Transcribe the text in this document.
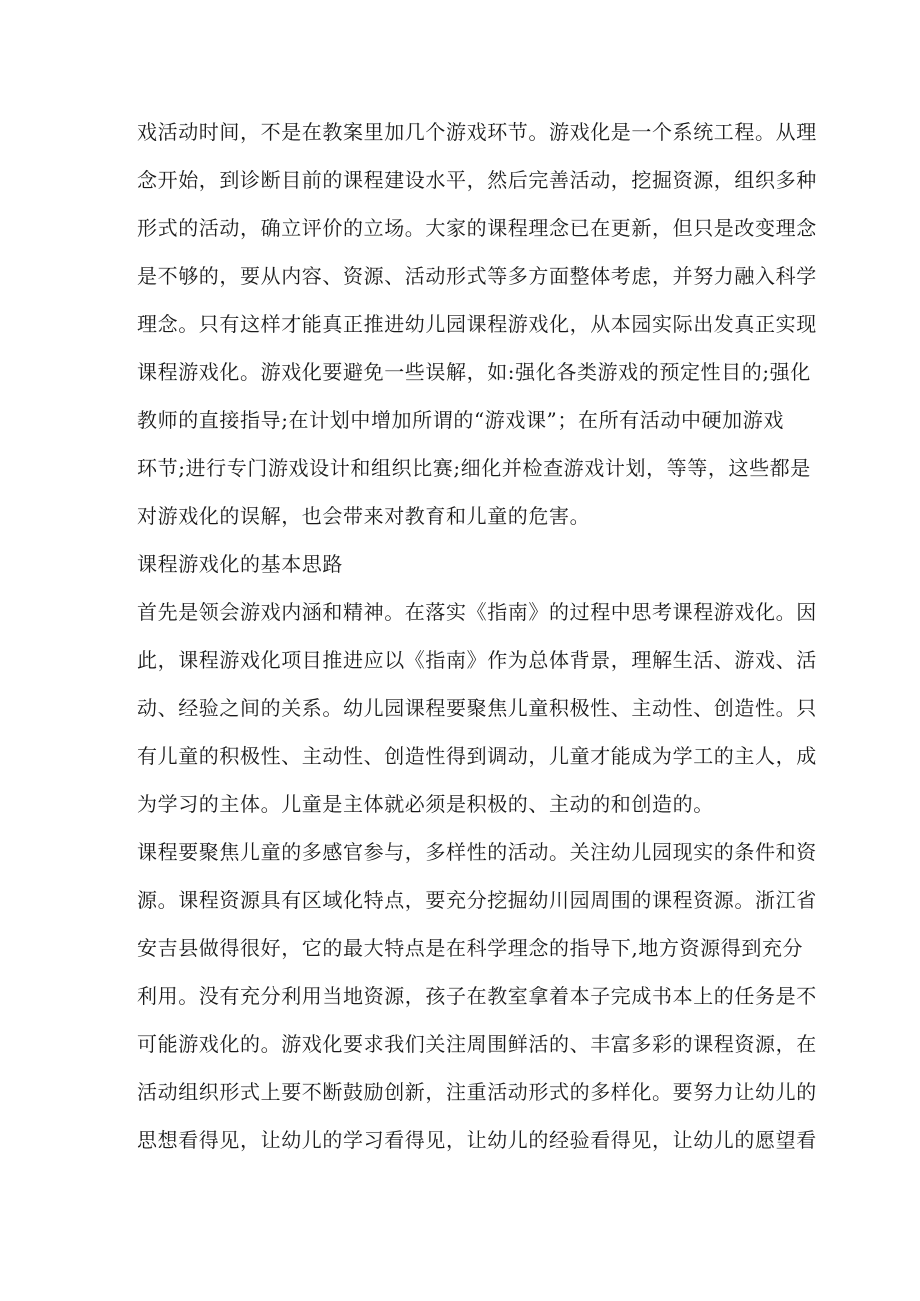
戏活动时间，不是在教案里加几个游戏环节。游戏化是一个系统工程。从理
念开始，到诊断目前的课程建设水平，然后完善活动，挖掘资源，组织多种
形式的活动，确立评价的立场。大家的课程理念已在更新，但只是改变理念
是不够的，要从内容、资源、活动形式等多方面整体考虑，并努力融入科学
理念。只有这样才能真正推进幼儿园课程游戏化，从本园实际出发真正实现
课程游戏化。游戏化要避免一些误解，如:强化各类游戏的预定性目的;强化
教师的直接指导;在计划中增加所谓的“游戏课”；在所有活动中硬加游戏
环节;进行专门游戏设计和组织比赛;细化并检查游戏计划，等等，这些都是
对游戏化的误解，也会带来对教育和儿童的危害。
课程游戏化的基本思路
首先是领会游戏内涵和精神。在落实《指南》的过程中思考课程游戏化。因
此，课程游戏化项目推进应以《指南》作为总体背景，理解生活、游戏、活
动、经验之间的关系。幼儿园课程要聚焦儿童积极性、主动性、创造性。只
有儿童的积极性、主动性、创造性得到调动，儿童才能成为学工的主人，成
为学习的主体。儿童是主体就必须是积极的、主动的和创造的。
课程要聚焦儿童的多感官参与，多样性的活动。关注幼儿园现实的条件和资
源。课程资源具有区域化特点，要充分挖掘幼川园周围的课程资源。浙江省
安吉县做得很好，它的最大特点是在科学理念的指导下,地方资源得到充分
利用。没有充分利用当地资源，孩子在教室拿着本子完成书本上的任务是不
可能游戏化的。游戏化要求我们关注周围鲜活的、丰富多彩的课程资源，在
活动组织形式上要不断鼓励创新，注重活动形式的多样化。要努力让幼儿的
思想看得见，让幼儿的学习看得见，让幼儿的经验看得见，让幼儿的愿望看
